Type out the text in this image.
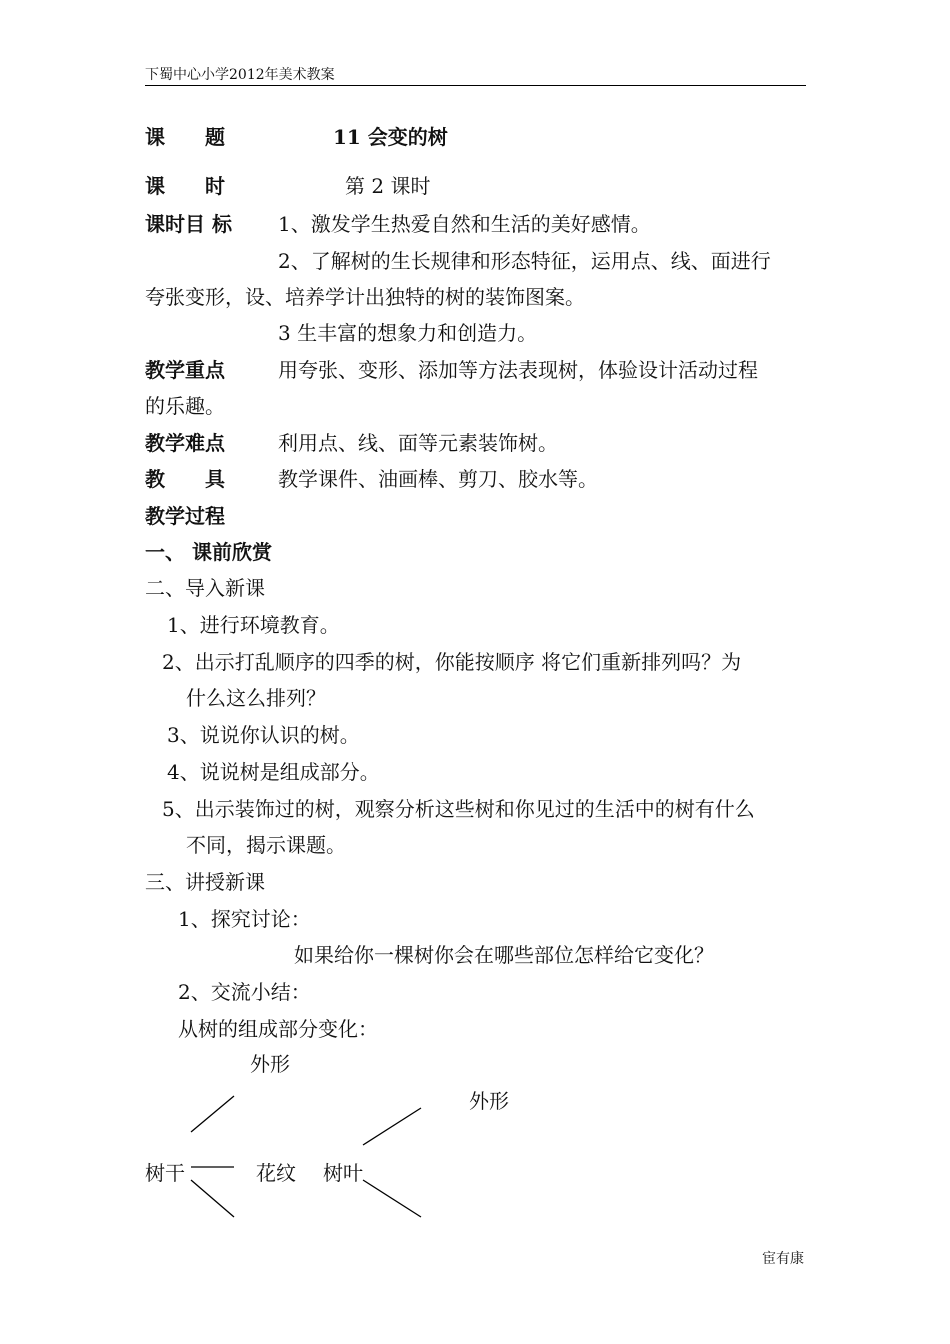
下蜀中心小学2012年美术教案
课　　题	11 会变的树
课　　时	第 2 课时
课时目 标 1、激发学生热爱自然和生活的美好感情。
2、了解树的生长规律和形态特征，运用点、线、面进行
夸张变形，设、培养学计出独特的树的装饰图案。
3 生丰富的想象力和创造力。
教学重点	用夸张、变形、添加等方法表现树，体验设计活动过程
的乐趣。
教学难点	利用点、线、面等元素装饰树。
教　　具	教学课件、油画棒、剪刀、胶水等。
教学过程
一、 课前欣赏
二、导入新课
1、进行环境教育。
2、出示打乱顺序的四季的树，你能按顺序 将它们重新排列吗？为
什么这么排列？
3、说说你认识的树。
4、说说树是组成部分。
5、出示装饰过的树，观察分析这些树和你见过的生活中的树有什么
不同，揭示课题。
三、讲授新课
1、探究讨论：
如果给你一棵树你会在哪些部位怎样给它变化？
2、交流小结：
从树的组成部分变化：
外形
外形
树干	花纹 树叶
宦有康
